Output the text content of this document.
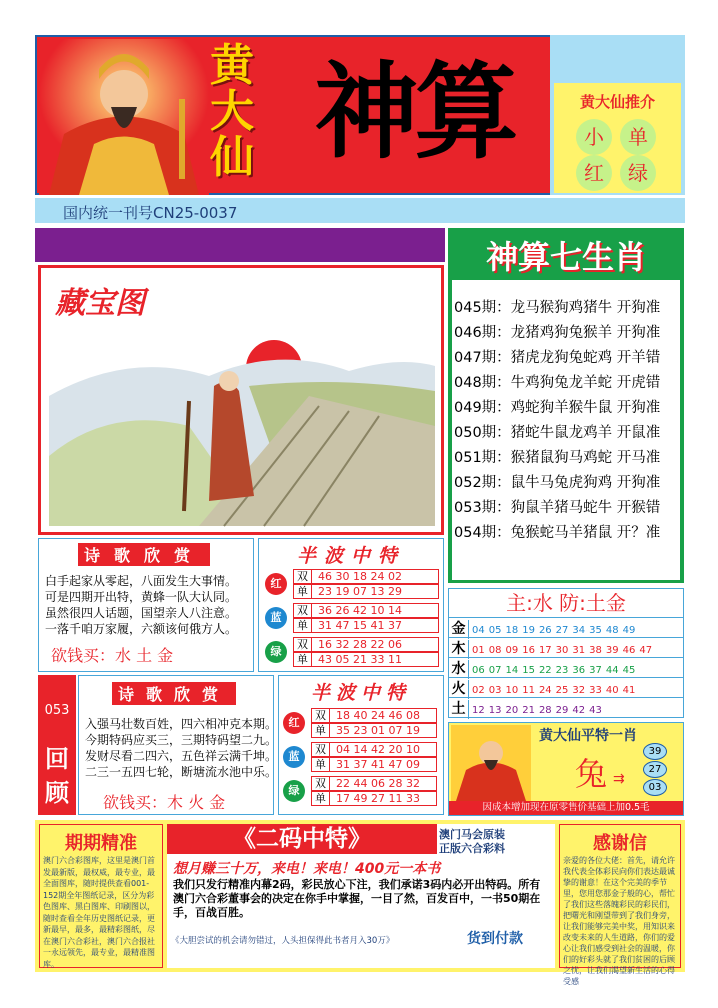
黄大仙 神算	黄大仙推介
小	单
红	绿
国内统一刊号CN25-0037
藏宝图
神算七生肖
045期：龙马猴狗鸡猪牛 开狗准
046期：龙猪鸡狗兔猴羊 开狗准
047期：猪虎龙狗兔蛇鸡 开羊错
048期：牛鸡狗兔龙羊蛇 开虎错
049期：鸡蛇狗羊猴牛鼠 开狗准
050期：猪蛇牛鼠龙鸡羊 开鼠准
051期：猴猪鼠狗马鸡蛇 开马准
052期：鼠牛马兔虎狗鸡 开狗准
053期：狗鼠羊猪马蛇牛 开猴错
054期：兔猴蛇马羊猪鼠 开？准
诗歌欣赏

白手起家从零起，八面发生大事情。

可是四期开出特，黄蜂一队大认同。

虽然很四人话题，国望亲人八注意。

一落千咱万家履，六额该何俄方人。

欲钱买：水 土 金
半波中特
红
双 46 30 18 24 02
单 23 19 07 13 29
蓝
双 36 26 42 10 14
单 31 47 15 41 37
绿
双 16 32 28 22 06
单 43 05 21 33 11
主:水 防:土金
金 04 05 18 19 26 27 34 35 48 49
木 01 08 09 16 17 30 31 38 39 46 47
水 06 07 14 15 22 23 36 37 44 45
火 02 03 10 11 24 25 32 33 40 41
土 12 13 20 21 28 29 42 43
053
回
顾
诗歌欣赏

入强马壮数百姓，四六相冲克本期。

今期特码应买三，三期特码望二九。

发财尽看二四六，五色祥云满千坤。

二三一五四七轮，断塘流水池中乐。

欲钱买：木 火 金
半波中特
红
双 18 40 24 46 08
单 35 23 01 07 19
蓝
双 04 14 42 20 10
单 31 37 41 47 09
绿
双 22 44 06 28 32
单 17 49 27 11 33
黄大仙平特一肖
兔 ⇉
39
27
03
因成本增加现在原零售价基础上加0.5毛
期期精准
澳门六合彩图库，这里是澳门首发最新版，最权威，最专业，最全面图库，随时提供查看001-152期全年图纸记录，区分为彩色图库、黑白图库、印刷图以，随时查看全年历史图纸记录，更新最早，最多，最精彩图纸，尽在澳门六合彩社，澳门六合报社一永远领先，最专业，最精准图库。
《二码中特》	澳门马会原装
正版六合彩料
想月赚三十万，来电！来电！400元一本书
我们只发行精准内幕2码，彩民放心下注，我们承诺3码内必开出特码。所有澳门六合彩董事会的决定在你手中掌握，一目了然，百发百中，一书50期在手，百战百胜。
《大胆尝试的机会请勿错过，人头担保得此书者月入30万》	货到付款
感谢信
亲爱的各位大佬：首先，请允许我代表全体彩民向你们表达最诚挚的谢意！在这个完美的季节里，您用您那金子般的心，帮忙了我们这些落魄彩民的彩民们，把曙光和刚望带到了我们身旁，让我们能够完美中奖，用知识来改变未来的人生道路，你们的爱心让我们感受到社会的温暖，你们的好彩头就了我们贫困的后顾之忧，让我们渴望新生活的心得受感
